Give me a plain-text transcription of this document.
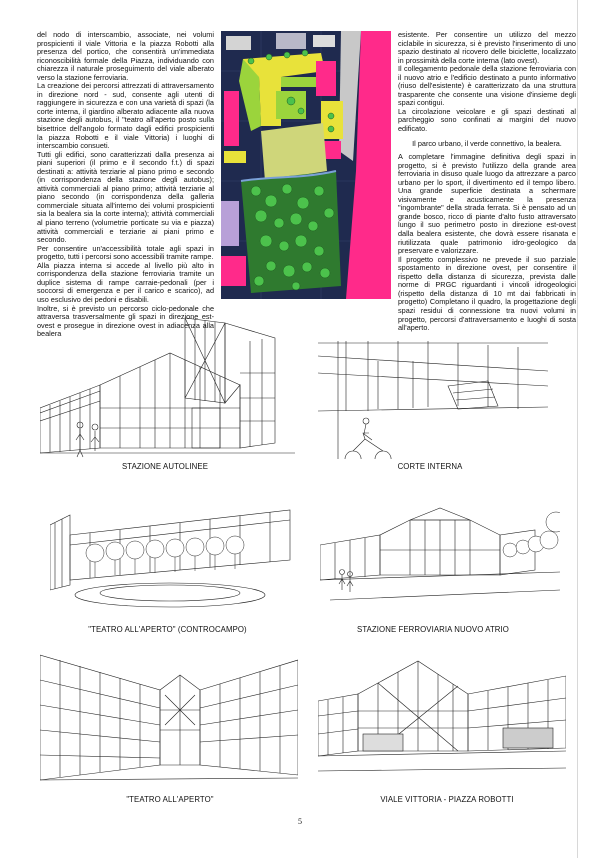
del nodo di interscambio, associate, nei volumi prospicienti il viale Vittoria e la piazza Robotti alla presenza del portico, che consentirà un'immediata riconoscibilità formale della Piazza, individuando con chiarezza il naturale proseguimento del viale alberato verso la stazione ferroviaria.

La creazione dei percorsi attrezzati di attraversamento in direzione nord - sud, consente agli utenti di raggiungere in sicurezza e con una varietà di spazi (la corte interna, il giardino alberato adiacente alla nuova stazione degli autobus, il "teatro all'aperto posto sulla bisettrice dell'angolo formato dagli edifici prospicienti la piazza Robotti e il viale Vittoria) i luoghi di interscambio consueti.

Tutti gli edifici, sono caratterizzati dalla presenza ai piani superiori (il primo e il secondo f.t.) di spazi destinati a: attività terziarie al piano primo e secondo (in corrispondenza della stazione degli autobus); attività commerciali al piano primo; attività terziarie al piano secondo (in corrispondenza della galleria commerciale situata all'interno dei volumi prospicienti sia la bealera sia la corte interna); attività commerciali al piano terreno (volumetrie porticate su via e piazza) attività commerciali e terziarie ai piani primo e secondo.

Per consentire un'accessibilità totale agli spazi in progetto, tutti i percorsi sono accessibili tramite rampe.

Alla piazza interna si accede al livello più alto in corrispondenza della stazione ferroviaria tramite un duplice sistema di rampe carraie-pedonali (per i soccorsi di emergenza e per il carico e scarico), ad uso esclusivo dei pedoni e disabili.

Inoltre, si è previsto un percorso ciclo-pedonale che attraversa trasversalmente gli spazi in direzione est-ovest e prosegue in direzione ovest in adiacenza alla bealera

esistente. Per consentire un utilizzo del mezzo ciclabile in sicurezza, si è previsto l'inserimento di uno spazio destinato al ricovero delle biciclette, localizzato in prossimità della corte interna (lato ovest).

Il collegamento pedonale della stazione ferroviaria con il nuovo atrio e l'edificio destinato a punto informativo (riuso dell'esistente) è caratterizzato da una struttura trasparente che consente una visione d'insieme degli spazi contigui.

La circolazione veicolare e gli spazi destinati al parcheggio sono confinati ai margini del nuovo edificato.

Il parco urbano, il verde connettivo, la bealera.

A completare l'immagine definitiva degli spazi in progetto, si è previsto l'utilizzo della grande area ferroviaria in disuso quale luogo da attrezzare a parco urbano per lo sport, il divertimento ed il tempo libero. Una grande superficie destinata a schermare visivamente e acusticamente la presenza "ingombrante" della strada ferrata. Si è pensato ad un grande bosco, ricco di piante d'alto fusto attraversato lungo il suo perimetro posto in direzione est-ovest dalla bealera esistente, che dovrà essere risanata e riutilizzata quale patrimonio idro-geologico da preservare e valorizzare.

Il progetto complessivo ne prevede il suo parziale spostamento in direzione ovest, per consentire il rispetto della distanza di sicurezza, prevista dalle norme di PRGC riguardanti i vincoli idrogeologici (rispetto della distanza di 10 mt dai fabbricati in progetto) Completano il quadro, la progettazione degli spazi residui di connessione tra nuovi volumi in progetto, percorsi d'attraversamento e luoghi di sosta all'aperto.

STAZIONE AUTOLINEE	CORTE INTERNA
"TEATRO ALL'APERTO" (CONTROCAMPO)	STAZIONE FERROVIARIA NUOVO ATRIO
"TEATRO ALL'APERTO"	VIALE VITTORIA - PIAZZA ROBOTTI
5
